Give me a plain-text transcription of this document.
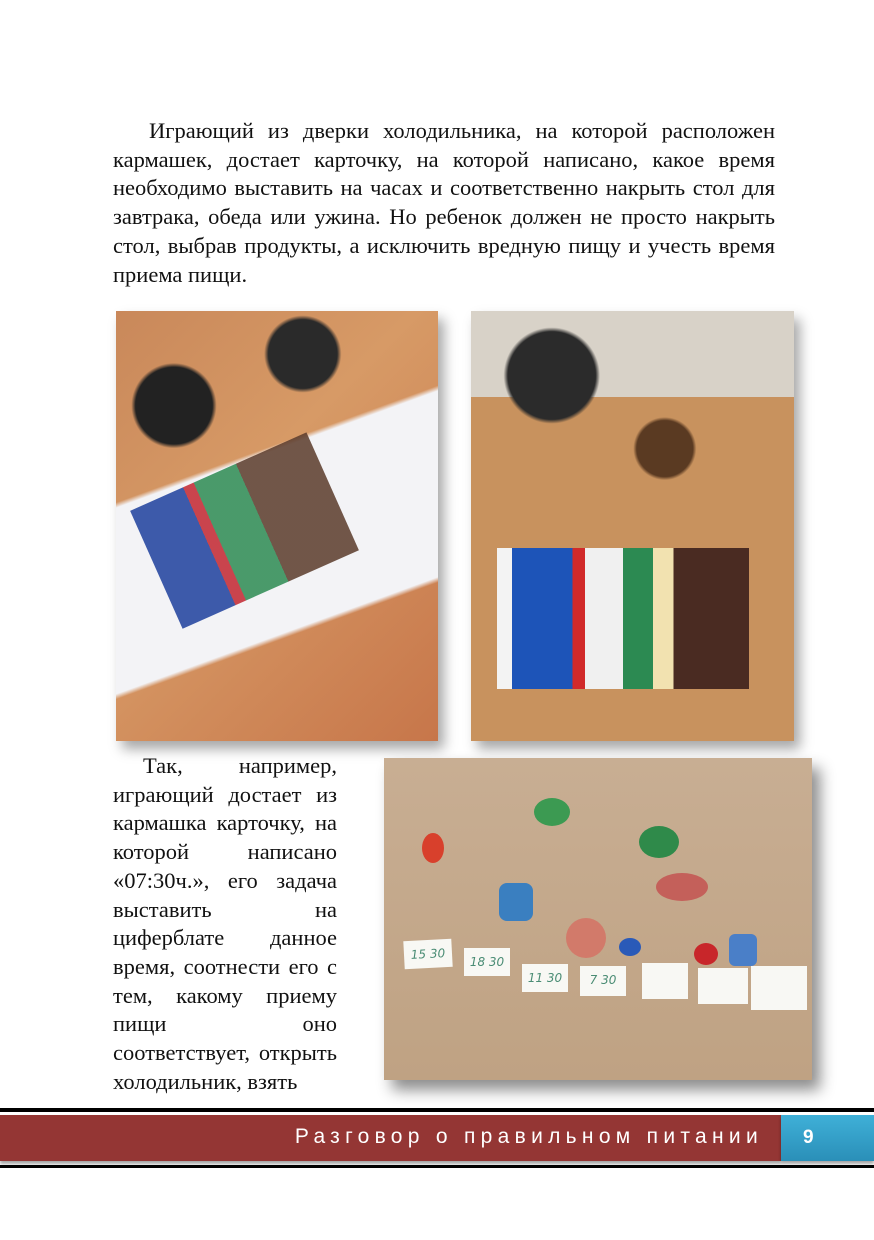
Играющий из дверки холодильника, на которой расположен кармашек, достает карточку, на которой написано, какое время необходимо выставить на часах и соответственно накрыть стол для завтрака, обеда или ужина. Но ребенок должен не просто накрыть стол, выбрав продукты, а исключить вредную пищу и учесть время приема пищи.

Так, например, играющий достает из кармашка карточку, на которой написано «07:30ч.», его задача выставить на циферблате данное время, соотнести его с тем, какому приему пищи оно соответствует, открыть холодильник, взять

15 30
18 30
11 30	7 30
Разговор о правильном питании 9
